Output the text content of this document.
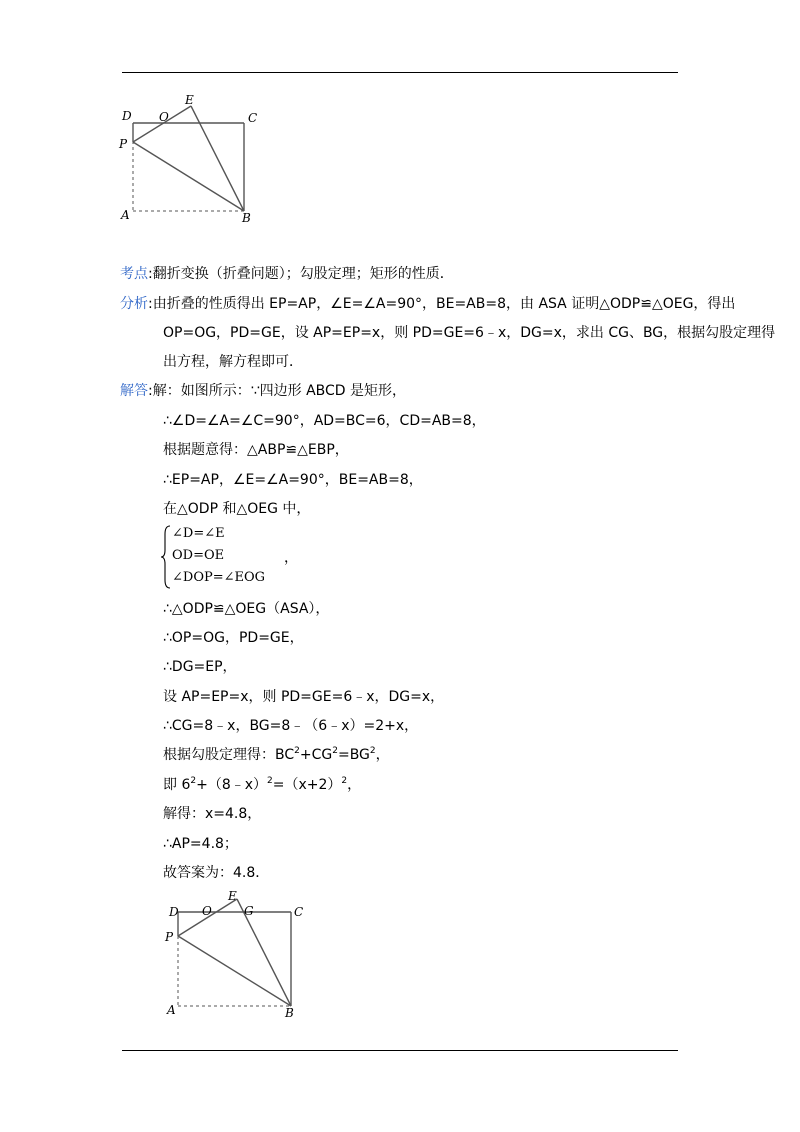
D O
E
C
P
A	B
考点:翻折变换（折叠问题）；勾股定理；矩形的性质．
分析:由折叠的性质得出 EP=AP，∠E=∠A=90°，BE=AB=8，由 ASA 证明△ODP≌△OEG，得出
OP=OG，PD=GE，设 AP=EP=x，则 PD=GE=6﹣x，DG=x，求出 CG、BG，根据勾股定理得
出方程，解方程即可．
解答:解：如图所示：∵四边形 ABCD 是矩形，
∴∠D=∠A=∠C=90°，AD=BC=6，CD=AB=8，
根据题意得：△ABP≌△EBP，
∴EP=AP，∠E=∠A=90°，BE=AB=8，
在△ODP 和△OEG 中，
∠D=∠E
OD=OE
∠DOP=∠EOG
，
∴△ODP≌△OEG（ASA），
∴OP=OG，PD=GE，
∴DG=EP，
设 AP=EP=x，则 PD=GE=6﹣x，DG=x，
∴CG=8﹣x，BG=8﹣（6﹣x）=2+x，
根据勾股定理得：$BC^2+CG^2=BG^2$，
即 $6^2+(8﹣x)^2=(x+2)^2$，
解得：x=4.8，
∴AP=4.8；
故答案为：4.8．
D O
E
G	C
P
A	B
